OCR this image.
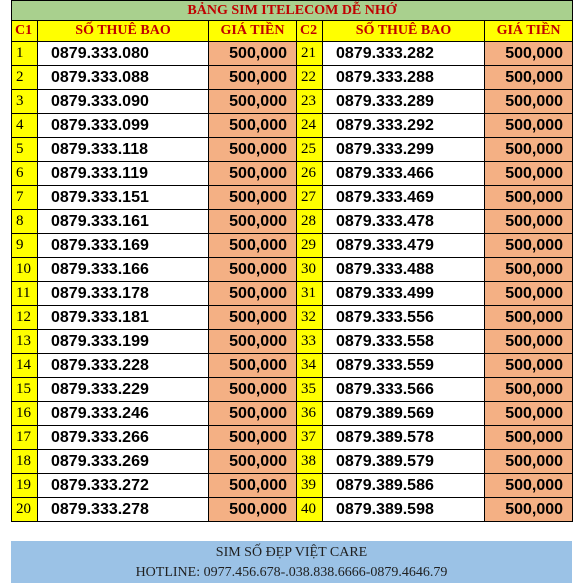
BẢNG SIM ITELECOM DỄ NHỚ					
C1	SỐ THUÊ BAO	GIÁ TIỀN	C2	SỐ THUÊ BAO	GIÁ TIỀN
1	0879.333.080	500,000	21	0879.333.282	500,000
2	0879.333.088	500,000	22	0879.333.288	500,000
3	0879.333.090	500,000	23	0879.333.289	500,000
4	0879.333.099	500,000	24	0879.333.292	500,000
5	0879.333.118	500,000	25	0879.333.299	500,000
6	0879.333.119	500,000	26	0879.333.466	500,000
7	0879.333.151	500,000	27	0879.333.469	500,000
8	0879.333.161	500,000	28	0879.333.478	500,000
9	0879.333.169	500,000	29	0879.333.479	500,000
10	0879.333.166	500,000	30	0879.333.488	500,000
11	0879.333.178	500,000	31	0879.333.499	500,000
12	0879.333.181	500,000	32	0879.333.556	500,000
13	0879.333.199	500,000	33	0879.333.558	500,000
14	0879.333.228	500,000	34	0879.333.559	500,000
15	0879.333.229	500,000	35	0879.333.566	500,000
16	0879.333.246	500,000	36	0879.389.569	500,000
17	0879.333.266	500,000	37	0879.389.578	500,000
18	0879.333.269	500,000	38	0879.389.579	500,000
19	0879.333.272	500,000	39	0879.389.586	500,000
20	0879.333.278	500,000	40	0879.389.598	500,000
SIM SỐ ĐẸP VIỆT CARE
HOTLINE: 0977.456.678-.038.838.6666-0879.4646.79
